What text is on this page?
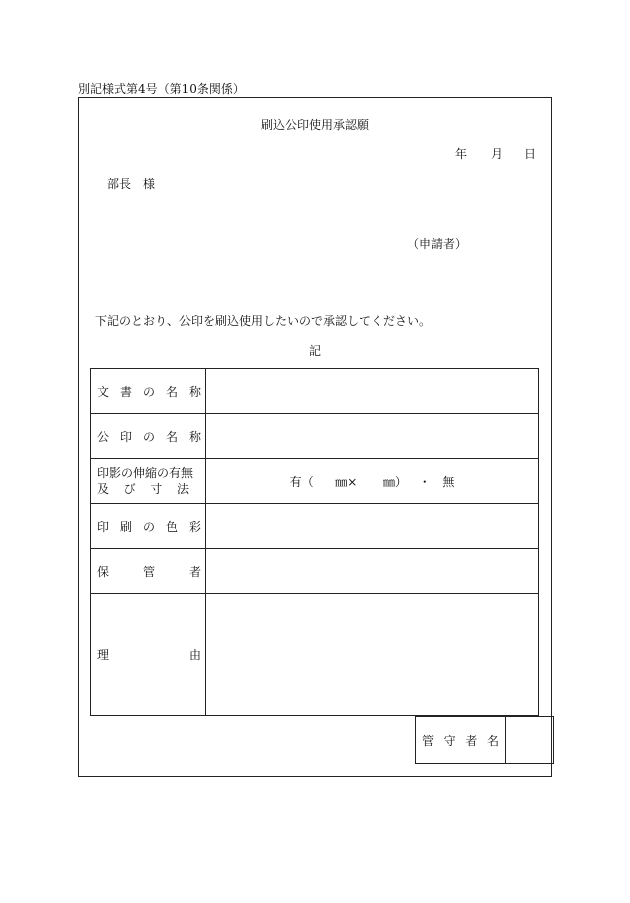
別記様式第4号（第10条関係）
刷込公印使用承認願
年 月 日
部長　様
（申請者）
下記のとおり、公印を刷込使用したいので承認してください。
記
文 書 の 名 称	

公 印 の 名 称	

印影の伸縮の有無
及 び 寸 法	有（ ㎜× ㎜） ・ 無

印 刷 の 色 彩	

保 管 者	

理 由	

管 守 者 名
